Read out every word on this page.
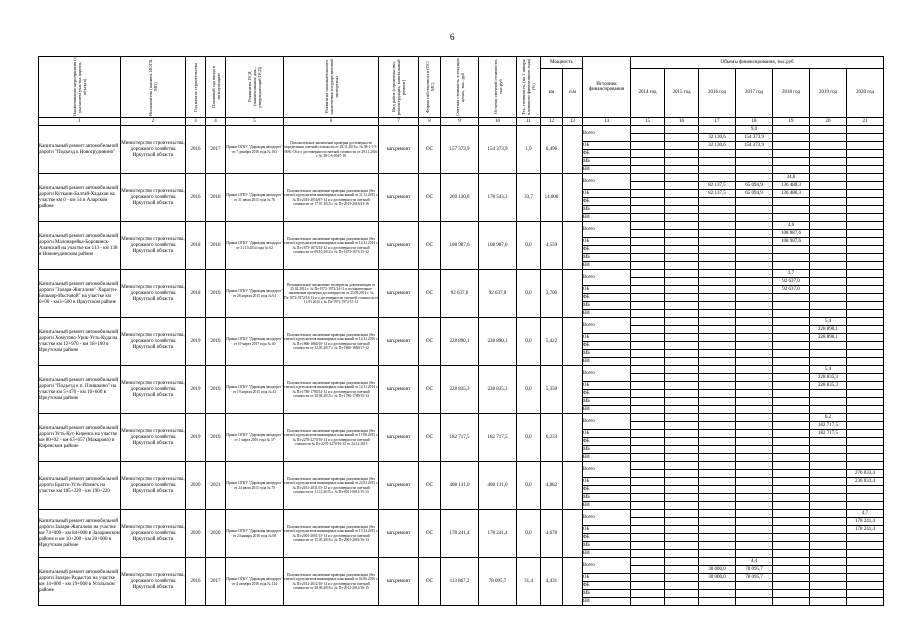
6
Наименование мероприятия (с указанием участка дороги, объекта)	Исполнитель (наимен. ИОГВ, МО)	Год начала строительства	Плановый год ввода в эксплуатацию	Реквизиты ПСД (наименование док., утверждающий ПСД)	Реквизиты положительного заключения государственной экспертизы	Вид работ (строительство, реконструкция, капитальный ремонт)	Форма собственности (ОС/МС)	Сметная стоимость в текущих ценах, тыс. руб	Остаток сметной стоимости, тыс.руб	Тех. готовность, (на 1 января планового финансового года) (%)	Мощность		Источник финансирования	Объемы финансирования, тыс.руб						

											км	п.м		2014 год	2015 год	2016 год	2017 год	2018 год	2019 год	2020 год

1	2	3	4	5	6	7	8	9	10	11	12	13	14	15	16	17	18	19	20	21
Капитальный ремонт автомобильной дороги "Подъезд к Новогрудинино"	Министерство строительства, дорожного хозяйства Иркутской области	2016	2017	Приказ ОГКУ "Дирекция автодорог" от 7 декабря 2016 года № 163	Положительное заключение проверки достоверности определения сметной стоимости от 29.11.2016 г. № 38-1-1-5-0091-16 и о достоверности сметной стоимости от 29.11.2016 г. № 38-1-6-0047-16	кап.ремонт	ОС	157 373,9	154 373,9	1,9	6,496		Всего				9,0			
																32 130,6	154 373,9			
													ОБ			32 130,6	154 373,9			
													ФБ							
													МБ							
													ВИ							
Капитальный ремонт автомобильной дороги Куткаин-Балтай-Хадахан на участке км 0 - км 14 в Аларском районе	Министерство строительства, дорожного хозяйства Иркутской области	2016	2018	Приказ ОГКУ "Дирекция автодорог" от 31 июля 2015 года № 76	Положительное заключение проверки документации (без сметы) и результатов инженерных изысканий от 31.12.2015 г. № Пз-2015-2016/97-14 и о достоверности сметной стоимости от 17.07.2015 г. № Пз-2015-2016/43-16	кап.ремонт	ОС	269 130,6	178 543,3	33,7	14,000		Всего					34,8		
																82 137,5	65 094,9	136 480,3		
													ОБ			82 137,5	65 094,9	136 480,3		
													ФБ							
													МБ							
													ВИ							
Капитальный ремонт автомобильной дороги Малонарейка-Боровинск-Аланский на участке км 113 - км 138 в Нижнеудинском районе	Министерство строительства, дорожного хозяйства Иркутской области	2018	2018	Приказ ОГКУ "Дирекция автодорог" от 31.10.2014 года № 62	Положительное заключение проверки документации (без сметы) и результатов инженерных изысканий от 14.12.2014 г. № Пз-1673-1673/14-12 и о достоверности сметной стоимости от 09.10.2014 г. № Пз-1673-1673/15-12	кап.ремонт	ОС	108 987,6	108 987,6	0,0	4,559		Всего					4,6		
																		108 987,6		
													ОБ					108 987,6		
													ФБ							
													МБ							
													ВИ							
Капитальный ремонт автомобильной дороги "Заларя-Жигалово"-Харагун-Бильчир-Икстовой" на участке км 0+00 - км3+500 в Иркутском районе	Министерство строительства, дорожного хозяйства Иркутской области	2018	2019	Приказ ОГКУ "Дирекция автодорог" от 28 апреля 2015 года № 61	Положительное заключение экспертизы документации от 25.02.2014 г. № Пз-1972-1972/14-11 и положительное заключение проверки достоверности от 25.09.2014 г. № Пз-1972-1972/14-12 и о достоверности сметной стоимости от 11.03.2015 г. № Пз-1972-1972/15-12	кап.ремонт	ОС	92 637,0	92 637,0	0,0	3,700		Всего					3,7		
																		92 637,0		
													ОБ					92 637,0		
													ФБ							
													МБ							
													ВИ							
Капитальный ремонт автомобильной дороги Хомутово-Урик-Усть-Куда на участке км 12+970 - км 18+100 в Иркутском районе	Министерство строительства, дорожного хозяйства Иркутской области	2019	2019	Приказ ОГКУ "Дирекция автодорог" от 19 марта 2017 года № 40	Положительное заключение проверки документации (без сметы) и результатов инженерных изысканий от 14.12.2016 г. № Пз-1860-1860/16-14 и о достоверности сметной стоимости от 12.03.2017 г. № Пз-1860-1860/17-12	кап.ремонт	ОС	228 890,1	228 890,1	0,0	5,422		Всего						5,4	
																			228 890,1	
													ОБ						228 890,1	
													ФБ							
													МБ							
													ВИ							
Капитальный ремонт автомобильной дороги "Подъезд к п. Плишкино" на участке км 5+470 - км 10+600 в Иркутском районе	Министерство строительства, дорожного хозяйства Иркутской области	2019	2019	Приказ ОГКУ "Дирекция автодорог" от 19 апреля 2015 года № 45	Положительное заключение проверки документации (без сметы) и результатов инженерных изысканий от 12.11.2014 г. № Пз-1780-1780/14-14 и о достоверности сметной стоимости от 20.04.2015 г. № Пз-1780-1780/15-14	кап.ремонт	ОС	228 835,3	228 835,3	0,0	5,350		Всего						5,4	
																			228 835,3	
													ОБ						228 835,3	
													ФБ							
													МБ							
													ВИ							
Капитальный ремонт автомобильной дороги Усть-Кут-Киренск на участке км 80+02 - км 63+657 (Макарово) в Киренском районе	Министерство строительства, дорожного хозяйства Иркутской области	2019	2019	Приказ ОГКУ "Дирекция автодорог" от 1 марта 2016 года № 37	Положительное заключение проверки документации (без сметы) и результатов инженерных изысканий от 17.06.2015 г. № Пз-2270-2270/16-14 и о достоверности сметной стоимости № Пз-2270-2270/16-15 от 24.12.2015	кап.ремонт	ОС	182 717,5	182 717,5	0,0	6,233		Всего						6,2	
																			182 717,5	
													ОБ						182 717,5	
													ФБ							
													МБ							
													ВИ							
Капитальный ремонт автомобильной дороги Братск-Усть-Илимск на участке км 185+220 - км 190+220	Министерство строительства, дорожного хозяйства Иркутской области	2020	2021	Приказ ОГКУ "Дирекция автодорог" от 24 июля 2015 года № 75	Положительное заключение проверки документации (без сметы) и результатов инженерных изысканий от 22.03.2015 г. № Пз-2031-2031/15-12 и о достоверности сметной стоимости от 31.12.2015 г. № Пз-0011-0011/15-13	кап.ремонт	ОС	408 131,0	408 131,0	0,0	4,882		Всего							
																				270 033,4
													ОБ							236 033,4
													ФБ							
													МБ							
													ВИ							
Капитальный ремонт автомобильной дороги Заларя-Жигалово на участке км 74+000 - км 84+000 в Заларинском районе и км 10+200 - км 20+000 в Иркутском районе	Министерство строительства, дорожного хозяйства Иркутской области	2020	2020	Приказ ОГКУ "Дирекция автодорог" от 24 января 2016 года № 08	Положительное заключение проверки документации (без сметы) и результатов инженерных изысканий от 15.12.2015 г. № Пз-2001-2001/15-14 и о достоверности сметной стоимости от 15.05.2016 г. № Пз-2001-2001/16-14	кап.ремонт	ОС	178 241,4	178 241,4	0,0	4,670		Всего							4,7
																				178 241,4
													ОБ							178 241,4
													ФБ							
													МБ							
													ВИ							
Капитальный ремонт автомобильной дороги Залари-Радыстах на участке км 14+000 - км 19+000 в Усольском районе	Министерство строительства, дорожного хозяйства Иркутской области	2016	2017	Приказ ОГКУ "Дирекция автодорог" от 4 октября 2016 года № 124	Положительное заключение проверки документации (без сметы) и результатов инженерных изысканий от 02.06.2016 г. № Пз-2012-2012/16-14 и о достоверности сметной стоимости от 28.06.2016 г. № Пз-2012-2012/16-15	кап.ремонт	ОС	113 867,2	78 095,7	31,4	4,431		Всего				4,4			
																30 000,0	78 095,7			
													ОБ			30 000,0	78 095,7			
													ФБ							
													МБ							
													ВИ							
